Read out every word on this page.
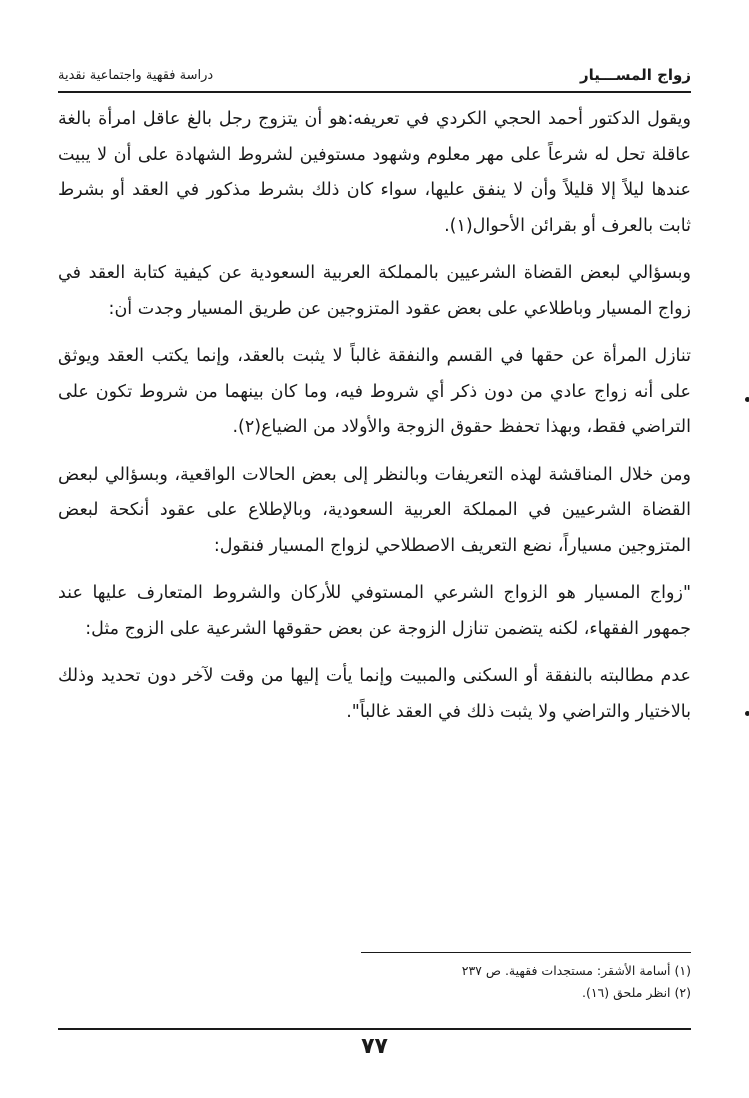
زواج المســـيار
دراسة فقهية واجتماعية نقدية

ويقول الدكتور أحمد الحجي الكردي في تعريفه:هو أن يتزوج رجل بالغ عاقل امرأة بالغة عاقلة تحل له شرعاً على مهر معلوم وشهود مستوفين لشروط الشهادة على أن لا يبيت عندها ليلاً إلا قليلاً وأن لا ينفق عليها، سواء كان ذلك بشرط مذكور في العقد أو بشرط ثابت بالعرف أو بقرائن الأحوال(١).

وبسؤالي لبعض القضاة الشرعيين بالمملكة العربية السعودية عن كيفية كتابة العقد في زواج المسيار وباطلاعي على بعض عقود المتزوجين عن طريق المسيار وجدت أن:

تنازل المرأة عن حقها في القسم والنفقة غالباً لا يثبت بالعقد، وإنما يكتب العقد ويوثق على أنه زواج عادي من دون ذكر أي شروط فيه، وما كان بينهما من شروط تكون على التراضي فقط، وبهذا تحفظ حقوق الزوجة والأولاد من الضياع(٢).

ومن خلال المناقشة لهذه التعريفات وبالنظر إلى بعض الحالات الواقعية، وبسؤالي لبعض القضاة الشرعيين في المملكة العربية السعودية، وبالإطلاع على عقود أنكحة لبعض المتزوجين مسياراً، نضع التعريف الاصطلاحي لزواج المسيار فنقول:

"زواج المسيار هو الزواج الشرعي المستوفي للأركان والشروط المتعارف عليها عند جمهور الفقهاء، لكنه يتضمن تنازل الزوجة عن بعض حقوقها الشرعية على الزوج مثل:

عدم مطالبته بالنفقة أو السكنى والمبيت وإنما يأت إليها من وقت لآخر دون تحديد وذلك بالاختيار والتراضي ولا يثبت ذلك في العقد غالباً".

(١) أسامة الأشقر: مستجدات فقهية. ص ٢٣٧
(٢) انظر ملحق (١٦).
٧٧
